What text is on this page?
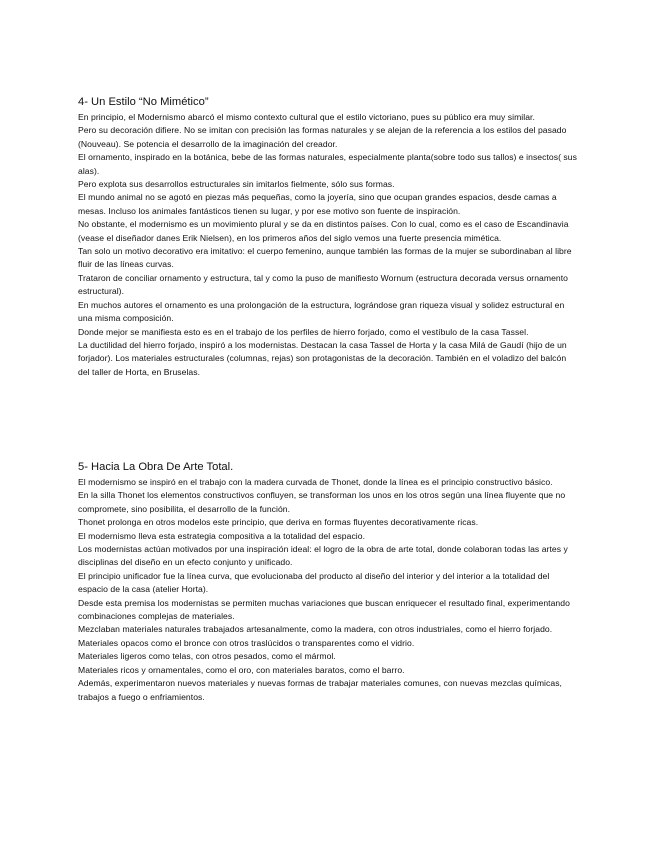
4- Un Estilo “No Mimético”

En principio, el Modernismo abarcó el mismo contexto cultural que el estilo victoriano, pues su público era muy similar.

Pero su decoración difiere. No se imitan con precisión las formas naturales y se alejan de la referencia a los estilos del pasado (Nouveau). Se potencia el desarrollo de la imaginación del creador.

El ornamento, inspirado en la botánica, bebe de las formas naturales, especialmente planta(sobre todo sus tallos) e insectos( sus alas).

Pero explota sus desarrollos estructurales sin imitarlos fielmente, sólo sus formas.

El mundo animal no se agotó en piezas más pequeñas, como la joyería, sino que ocupan grandes espacios, desde camas a mesas. Incluso los animales fantásticos tienen su lugar, y por ese motivo son fuente de inspiración.

No obstante, el modernismo es un movimiento plural y se da en distintos países. Con lo cual, como es el caso de Escandinavia (vease el diseñador danes Erik Nielsen), en los primeros años del siglo vemos una fuerte presencia mimética.

Tan solo un motivo decorativo era imitativo: el cuerpo femenino, aunque también las formas de la mujer se subordinaban al libre fluir de las líneas curvas.

Trataron de conciliar ornamento y estructura, tal y como la puso de manifiesto Wornum (estructura decorada versus ornamento estructural).

En muchos autores el ornamento es una prolongación de la estructura, lográndose gran riqueza visual y solidez estructural en una misma composición.

Donde mejor se manifiesta esto es en el trabajo de los perfiles de hierro forjado, como el vestíbulo de la casa Tassel.

La ductilidad del hierro forjado, inspiró a los modernistas. Destacan la casa Tassel de Horta y la casa Milá de Gaudí (hijo de un forjador). Los materiales estructurales (columnas, rejas) son protagonistas de la decoración. También en el voladizo del balcón del taller de Horta, en Bruselas.

5- Hacia La Obra De Arte Total.

El modernismo se inspiró en el trabajo con la madera curvada de Thonet, donde la línea es el principio constructivo básico.

En la silla Thonet los elementos constructivos confluyen, se transforman los unos en los otros según una línea fluyente que no compromete, sino posibilita, el desarrollo de la función.

Thonet prolonga en otros modelos este principio, que deriva en formas fluyentes decorativamente ricas.

El modernismo lleva esta estrategia compositiva a la totalidad del espacio.

Los modernistas actúan motivados por una inspiración ideal: el logro de la obra de arte total, donde colaboran todas las artes y disciplinas del diseño en un efecto conjunto y unificado.

El principio unificador fue la línea curva, que evolucionaba del producto al diseño del interior y del interior a la totalidad del espacio de la casa (atelier Horta).

Desde esta premisa los modernistas se permiten muchas variaciones que buscan enriquecer el resultado final, experimentando combinaciones complejas de materiales.

Mezclaban materiales naturales trabajados artesanalmente, como la madera, con otros industriales, como el hierro forjado.

Materiales opacos como el bronce con otros traslúcidos o transparentes como el vidrio.

Materiales ligeros como telas, con otros pesados, como el mármol.

Materiales ricos y ornamentales, como el oro, con materiales baratos, como el barro.

Además, experimentaron nuevos materiales y nuevas formas de trabajar materiales comunes, con nuevas mezclas químicas, trabajos a fuego o enfriamientos.
